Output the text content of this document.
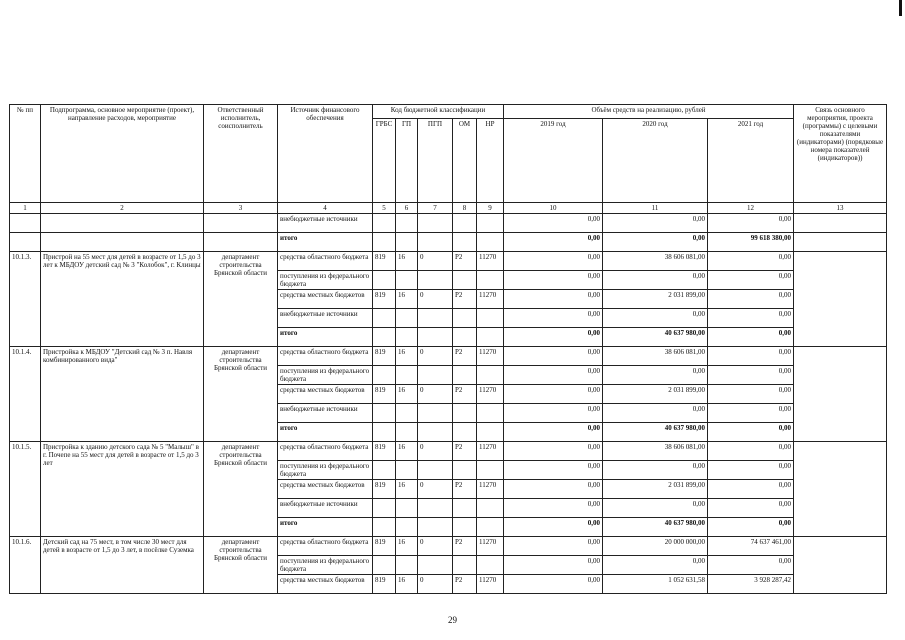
№ пп	Подпрограмма, основное мероприятие (проект), направление расходов, мероприятие	Ответственный исполнитель, соисполнитель	Источник финансового обеспечения	Код бюджетной классификации					Объём средств на реализацию, рублей			Связь основного мероприятия, проекта (программы) с целевыми показателями (индикаторами) (порядковые номера показателей (индикаторов))
				ГРБС	ГП	ПГП	ОМ	НР	2019 год	2020 год	2021 год	
1	2	3	4	5	6	7	8	9	10	11	12	13
			внебюджетные источники						0,00	0,00	0,00	
			итого						0,00	0,00	99 618 380,00	
10.1.3.	Пристрой на 55 мест для детей в возрасте от 1,5 до 3 лет к МБДОУ детский сад № 3 "Колобок", г. Клинцы	департамент строительства Брянской области	средства областного бюджета	819	16	0	P2	11270	0,00	38 606 081,00	0,00	
			поступления из федерального бюджета						0,00	0,00	0,00	
			средства местных бюджетов	819	16	0	P2	11270	0,00	2 031 899,00	0,00	
			внебюджетные источники						0,00	0,00	0,00	
			итого						0,00	40 637 980,00	0,00	
10.1.4.	Пристройка к МБДОУ "Детский сад № 3 п. Навля комбинированного вида"	департамент строительства Брянской области	средства областного бюджета	819	16	0	P2	11270	0,00	38 606 081,00	0,00	
			поступления из федерального бюджета						0,00	0,00	0,00	
			средства местных бюджетов	819	16	0	P2	11270	0,00	2 031 899,00	0,00	
			внебюджетные источники						0,00	0,00	0,00	
			итого						0,00	40 637 980,00	0,00	
10.1.5.	Пристройка к зданию детского сада № 5 "Малыш" в г. Почепе на 55 мест для детей в возрасте от 1,5 до 3 лет	департамент строительства Брянской области	средства областного бюджета	819	16	0	P2	11270	0,00	38 606 081,00	0,00	
			поступления из федерального бюджета						0,00	0,00	0,00	
			средства местных бюджетов	819	16	0	P2	11270	0,00	2 031 899,00	0,00	
			внебюджетные источники						0,00	0,00	0,00	
			итого						0,00	40 637 980,00	0,00	
10.1.6.	Детский сад на 75 мест, в том числе 30 мест для детей в возрасте от 1,5 до 3 лет, в посёлке Суземка	департамент строительства Брянской области	средства областного бюджета	819	16	0	P2	11270	0,00	20 000 000,00	74 637 461,00	
			поступления из федерального бюджета						0,00	0,00	0,00	
			средства местных бюджетов	819	16	0	P2	11270	0,00	1 052 631,58	3 928 287,42	
29
